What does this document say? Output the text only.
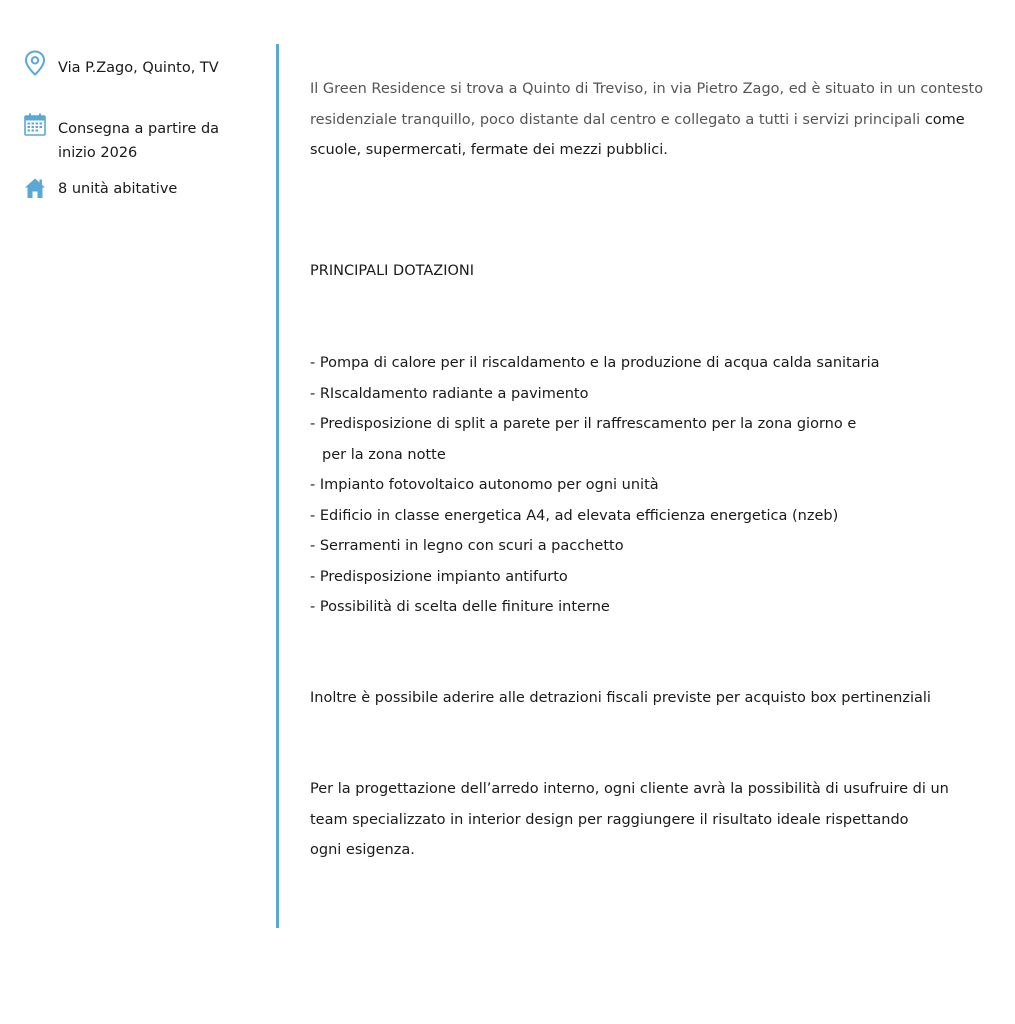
Via P.Zago, Quinto, TV
Consegna a partire da
inizio 2026
8 unità abitative
Il Green Residence si trova a Quinto di Treviso, in via Pietro Zago, ed è situato in un contesto residenziale tranquillo, poco distante dal centro e collegato a tutti i servizi principali come scuole, supermercati, fermate dei mezzi pubblici.
PRINCIPALI DOTAZIONI
- Pompa di calore per il riscaldamento e la produzione di acqua calda sanitaria
- RIscaldamento radiante a pavimento
- Predisposizione di split a parete per il raffrescamento per la zona giorno e
per la zona notte
- Impianto fotovoltaico autonomo per ogni unità
- Edificio in classe energetica A4, ad elevata efficienza energetica (nzeb)
- Serramenti in legno con scuri a pacchetto
- Predisposizione impianto antifurto
- Possibilità di scelta delle finiture interne
Inoltre è possibile aderire alle detrazioni fiscali previste per acquisto box pertinenziali
Per la progettazione dell’arredo interno, ogni cliente avrà la possibilità di usufruire di un
team specializzato in interior design per raggiungere il risultato ideale rispettando
ogni esigenza.
